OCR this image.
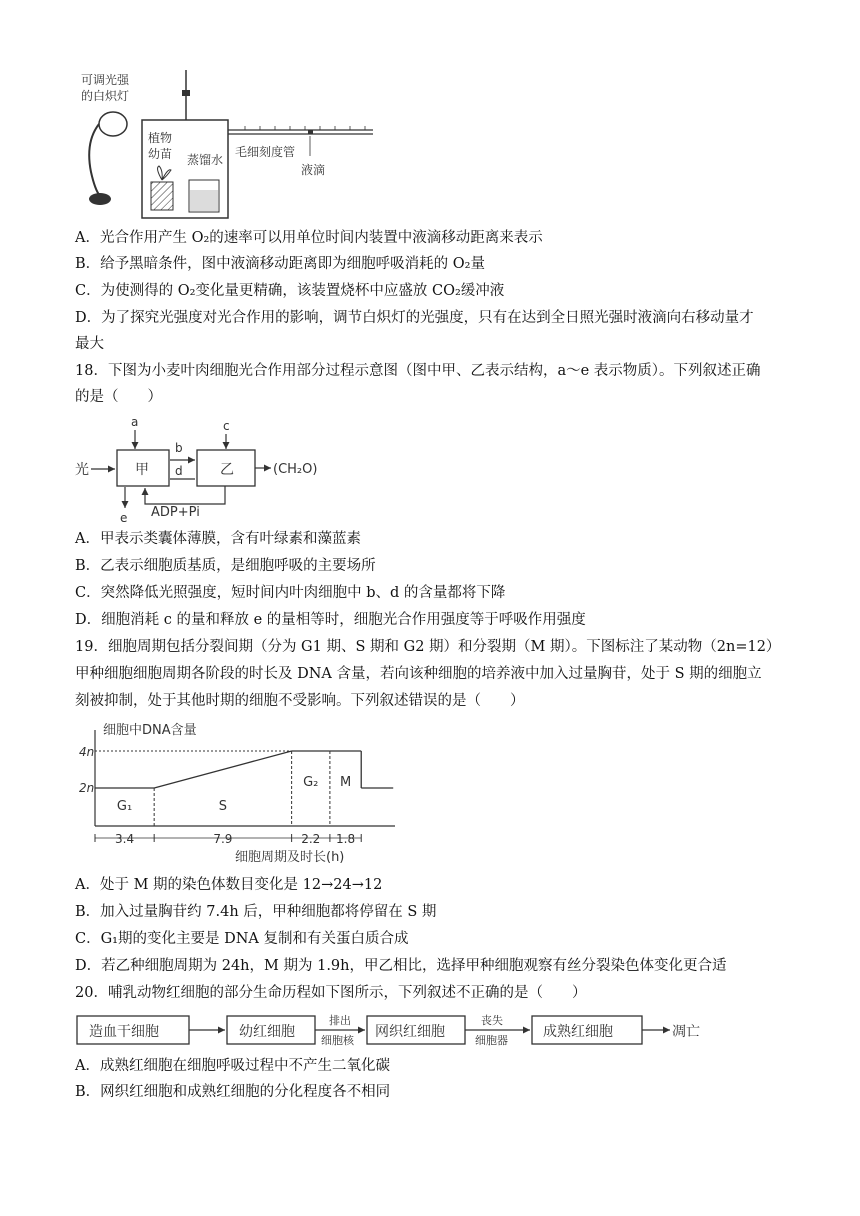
可调光强
的白炽灯
植物
幼苗 蒸馏水
毛细刻度管
液滴
A．光合作用产生 O₂的速率可以用单位时间内装置中液滴移动距离来表示
B．给予黑暗条件，图中液滴移动距离即为细胞呼吸消耗的 O₂量
C．为使测得的 O₂变化量更精确，该装置烧杯中应盛放 CO₂缓冲液
D．为了探究光强度对光合作用的影响，调节白炽灯的光强度，只有在达到全日照光强时液滴向右移动量才
最大
18．下图为小麦叶肉细胞光合作用部分过程示意图（图中甲、乙表示结构，a～e 表示物质）。下列叙述正确
的是（　　）
光	甲	乙
a
b
d
c
(CH₂O)
ADP+Pi
e
A．甲表示类囊体薄膜，含有叶绿素和藻蓝素
B．乙表示细胞质基质，是细胞呼吸的主要场所
C．突然降低光照强度，短时间内叶肉细胞中 b、d 的含量都将下降
D．细胞消耗 c 的量和释放 e 的量相等时，细胞光合作用强度等于呼吸作用强度
19．细胞周期包括分裂间期（分为 G1 期、S 期和 G2 期）和分裂期（M 期）。下图标注了某动物（2n=12）
甲种细胞细胞周期各阶段的时长及 DNA 含量，若向该种细胞的培养液中加入过量胸苷，处于 S 期的细胞立
刻被抑制，处于其他时期的细胞不受影响。下列叙述错误的是（　　）
细胞中DNA含量
细胞周期及时长(h)
4n
2n
G₁
3.4
S
7.9
G₂
2.2
M
1.8
A．处于 M 期的染色体数目变化是 12→24→12
B．加入过量胸苷约 7.4h 后，甲种细胞都将停留在 S 期
C．G₁期的变化主要是 DNA 复制和有关蛋白质合成
D．若乙种细胞周期为 24h，M 期为 1.9h，甲乙相比，选择甲种细胞观察有丝分裂染色体变化更合适
20．哺乳动物红细胞的部分生命历程如下图所示，下列叙述不正确的是（　　）
造血干细胞	幼红细胞
排出
细胞核
网织红细胞
丧失
细胞器
成熟红细胞	凋亡
A．成熟红细胞在细胞呼吸过程中不产生二氧化碳
B．网织红细胞和成熟红细胞的分化程度各不相同
